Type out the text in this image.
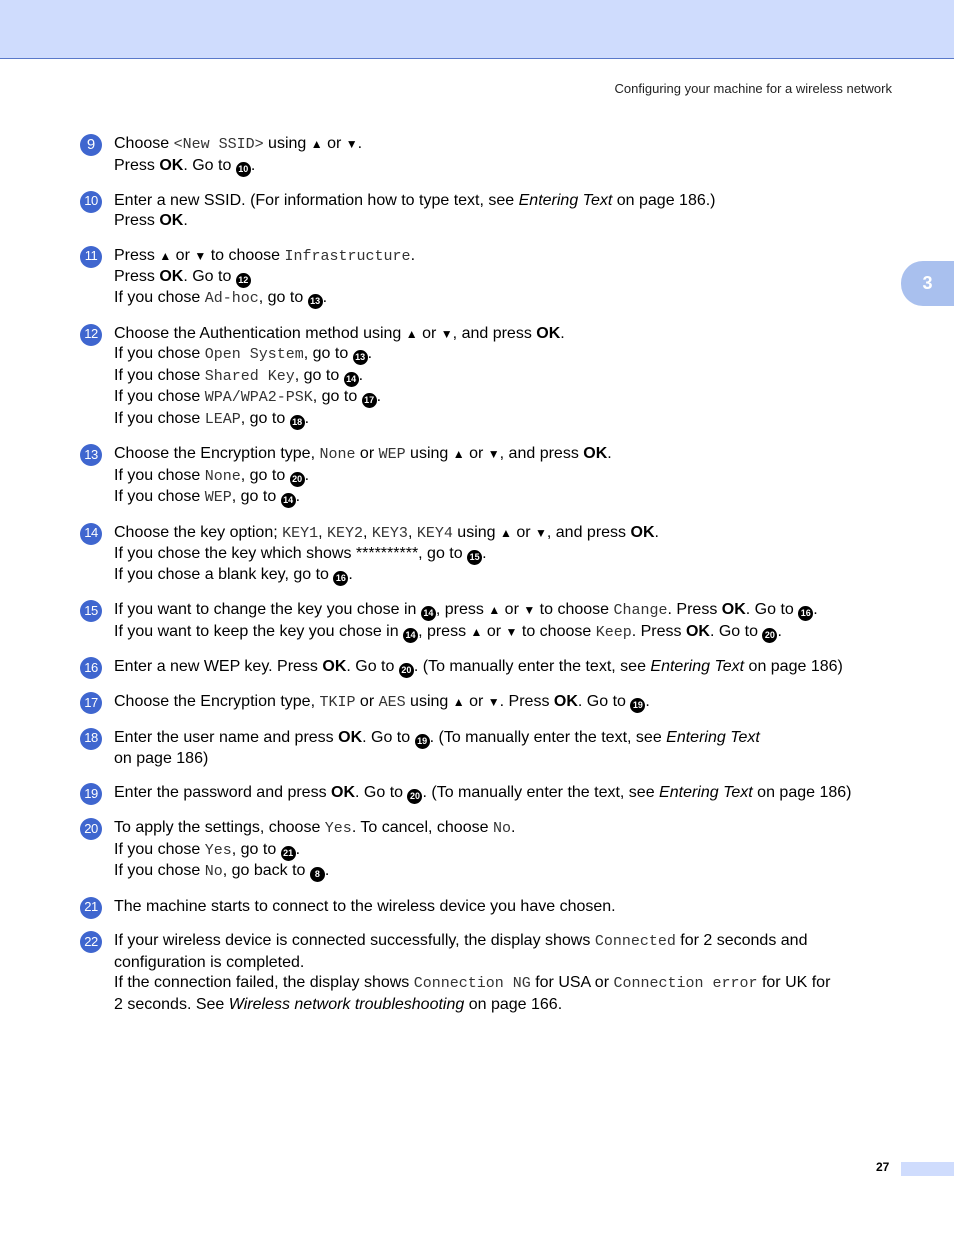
Configuring your machine for a wireless network
3
9	Choose <New SSID> using ▲ or ▼.
Press OK. Go to 10 .
10 Enter a new SSID. (For information how to type text, see Entering Text on page 186.)
Press OK.
11 Press ▲ or ▼ to choose Infrastructure.
Press OK. Go to 12
If you chose Ad-hoc, go to 13 .
12 Choose the Authentication method using ▲ or ▼, and press OK.
If you chose Open System, go to 13 .
If you chose Shared Key, go to 14 .
If you chose WPA/WPA2-PSK, go to 17 .
If you chose LEAP, go to 18 .
13 Choose the Encryption type, None or WEP using ▲ or ▼, and press OK.
If you chose None, go to 20 .
If you chose WEP, go to 14 .
14 Choose the key option; KEY1, KEY2, KEY3, KEY4 using ▲ or ▼, and press OK.
If you chose the key which shows **********, go to 15 .
If you chose a blank key, go to 16 .
15 If you want to change the key you chose in 14 , press ▲ or ▼ to choose Change. Press OK. Go to 16 .
If you want to keep the key you chose in 14 , press ▲ or ▼ to choose Keep. Press OK. Go to 20 .
16 Enter a new WEP key. Press OK. Go to 20 . (To manually enter the text, see Entering Text on page 186)
17 Choose the Encryption type, TKIP or AES using ▲ or ▼. Press OK. Go to 19 .
18 Enter the user name and press OK. Go to 19 . (To manually enter the text, see Entering Text
on page 186)
19 Enter the password and press OK. Go to 20 . (To manually enter the text, see Entering Text on page 186)
20 To apply the settings, choose Yes. To cancel, choose No.
If you chose Yes, go to 21 .
If you chose No, go back to 8 .
21 The machine starts to connect to the wireless device you have chosen.
22 If your wireless device is connected successfully, the display shows Connected for 2 seconds and
configuration is completed.
If the connection failed, the display shows Connection NG for USA or Connection error for UK for
2 seconds. See Wireless network troubleshooting on page 166.
27
